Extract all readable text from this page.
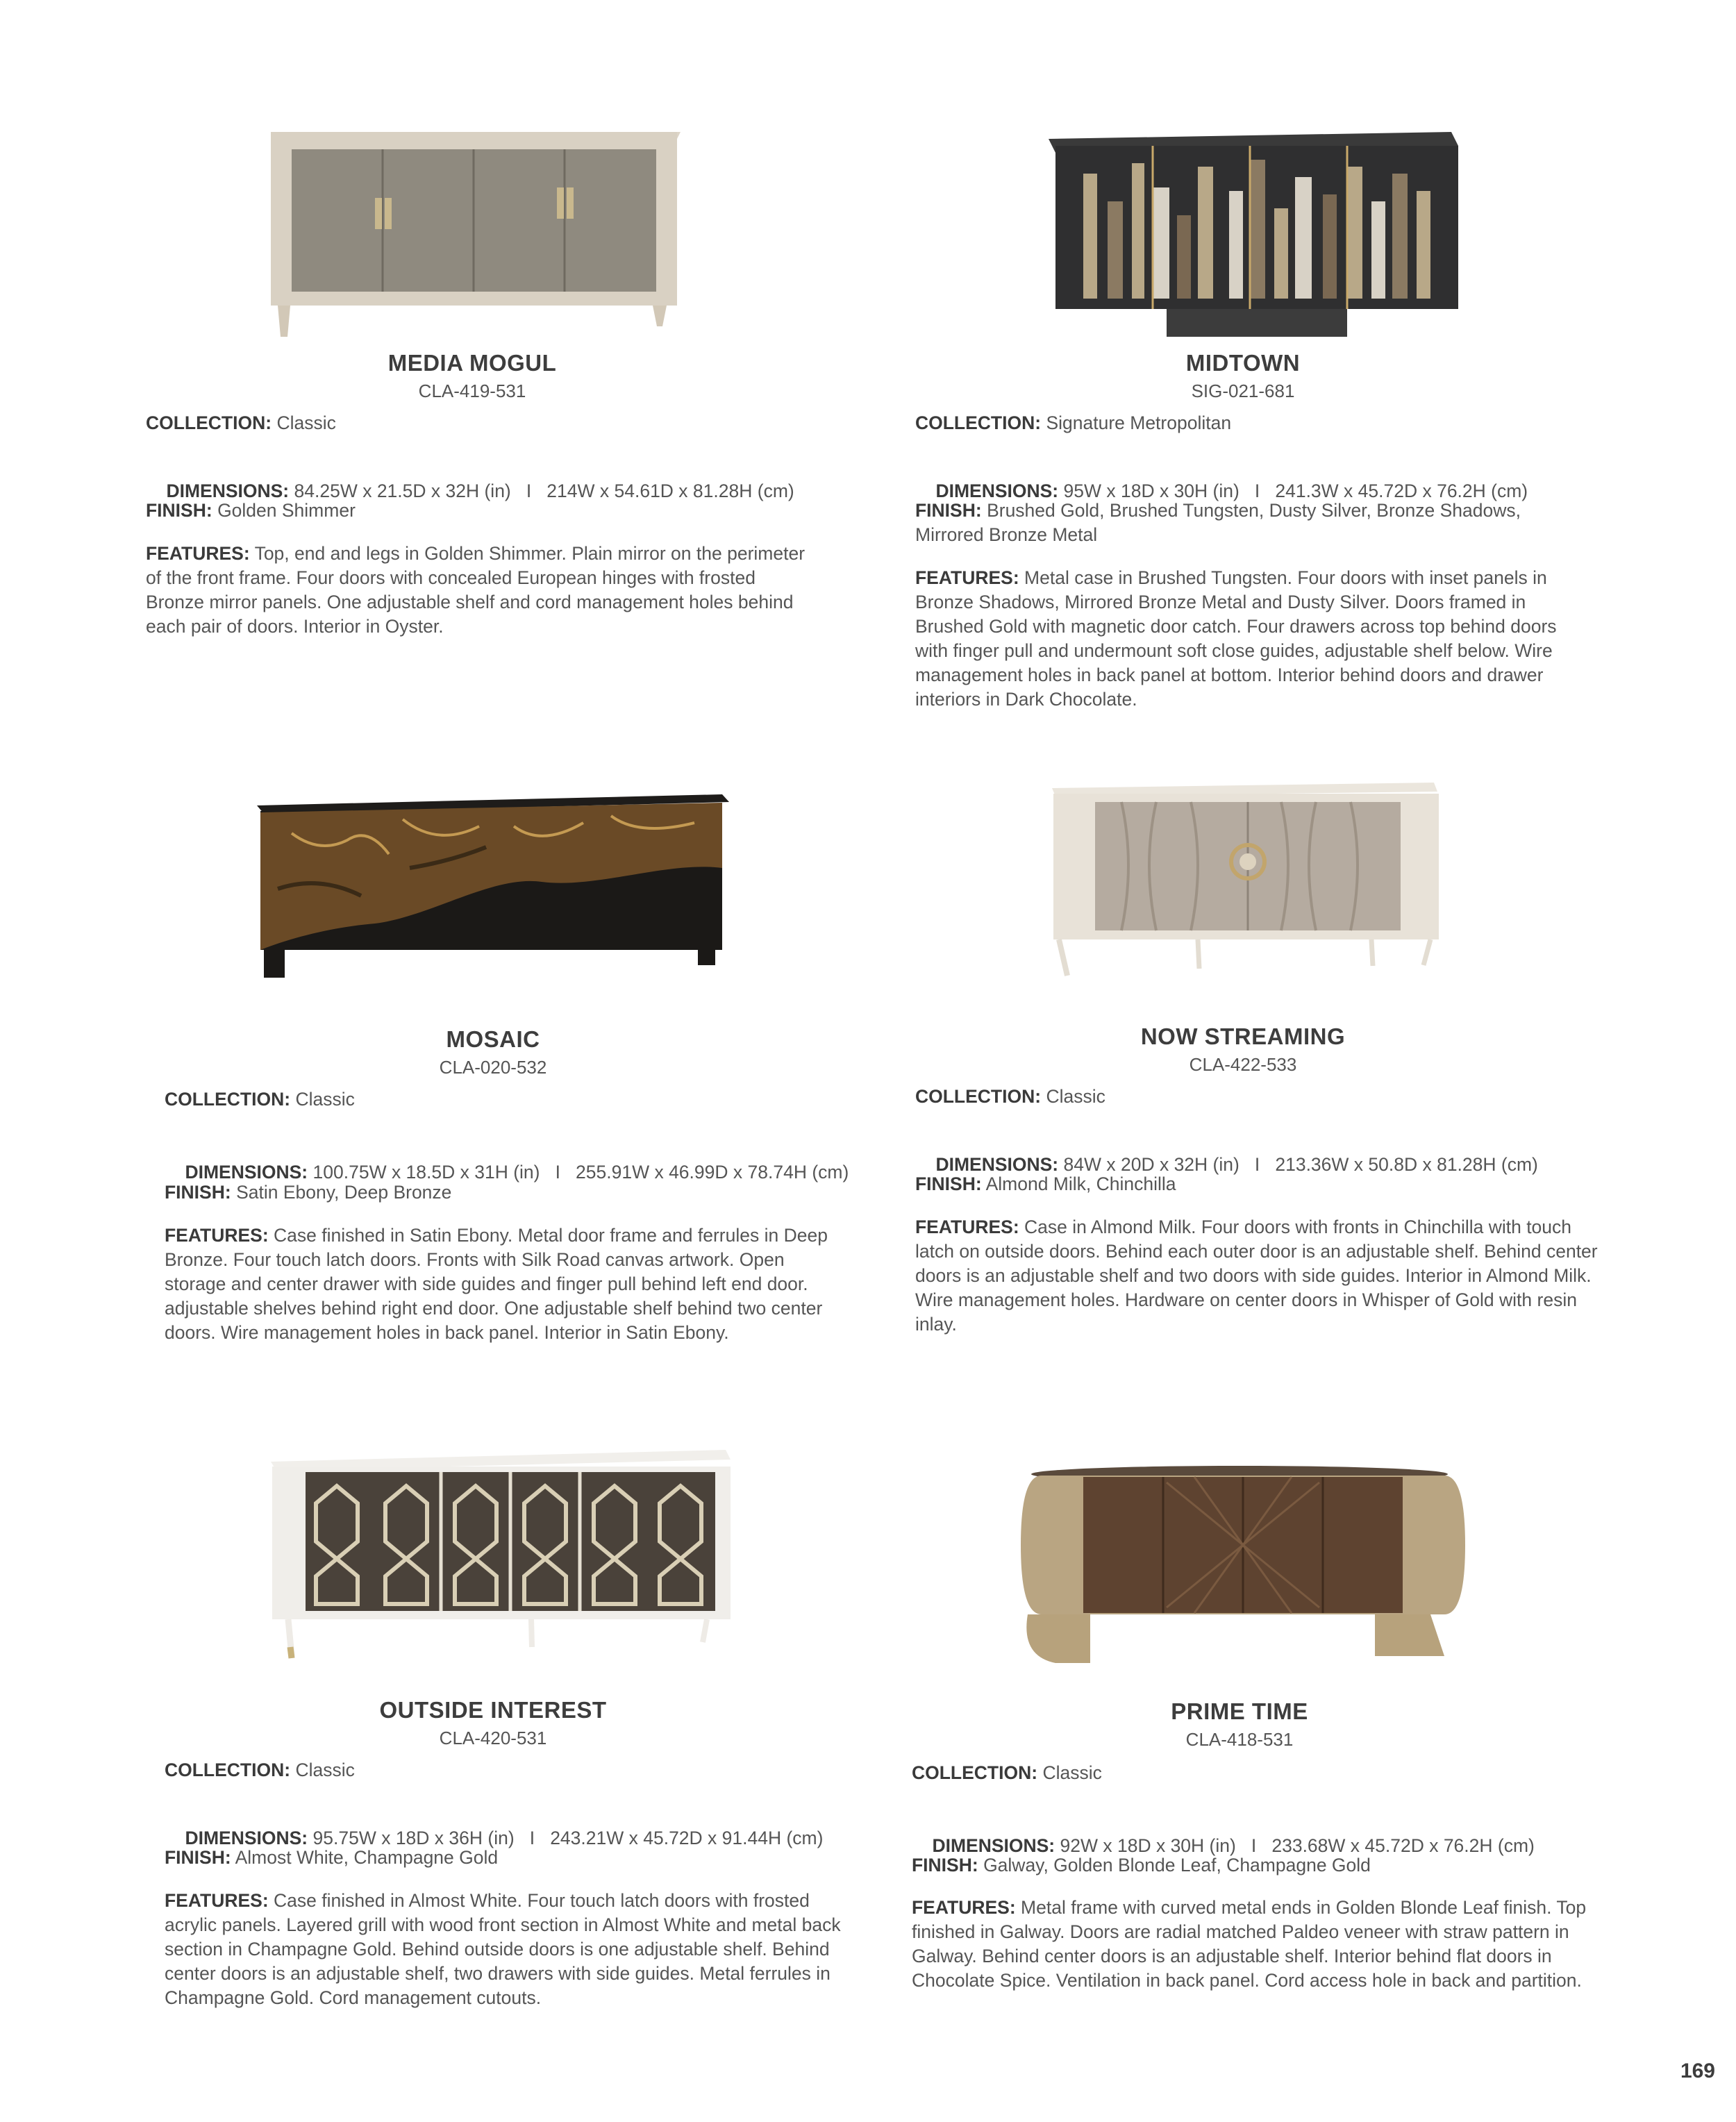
MEDIA MOGUL
CLA-419-531
COLLECTION: Classic

DIMENSIONS: 84.25W x 21.5D x 32H (in)   I   214W x 54.61D x 81.28H (cm)

FINISH: Golden Shimmer
FEATURES: Top, end and legs in Golden Shimmer. Plain mirror on the perimeter of the front frame. Four doors with concealed European hinges with frosted Bronze mirror panels. One adjustable shelf and cord management holes behind each pair of doors. Interior in Oyster.
MIDTOWN
SIG-021-681
COLLECTION: Signature Metropolitan

DIMENSIONS: 95W x 18D x 30H (in)   I   241.3W x 45.72D x 76.2H (cm)

FINISH: Brushed Gold, Brushed Tungsten, Dusty Silver, Bronze Shadows, Mirrored Bronze Metal
FEATURES: Metal case in Brushed Tungsten. Four doors with inset panels in Bronze Shadows, Mirrored Bronze Metal and Dusty Silver. Doors framed in Brushed Gold with magnetic door catch. Four drawers across top behind doors with finger pull and undermount soft close guides, adjustable shelf below. Wire management holes in back panel at bottom. Interior behind doors and drawer interiors in Dark Chocolate.
MOSAIC
CLA-020-532
COLLECTION: Classic

DIMENSIONS: 100.75W x 18.5D x 31H (in)   I   255.91W x 46.99D x 78.74H (cm)

FINISH: Satin Ebony, Deep Bronze
FEATURES: Case finished in Satin Ebony. Metal door frame and ferrules in Deep Bronze. Four touch latch doors. Fronts with Silk Road canvas artwork. Open storage and center drawer with side guides and finger pull behind left end door. adjustable shelves behind right end door. One adjustable shelf behind two center doors. Wire management holes in back panel. Interior in Satin Ebony.
NOW STREAMING
CLA-422-533
COLLECTION: Classic

DIMENSIONS: 84W x 20D x 32H (in)   I   213.36W x 50.8D x 81.28H (cm)

FINISH: Almond Milk, Chinchilla
FEATURES: Case in Almond Milk. Four doors with fronts in Chinchilla with touch latch on outside doors. Behind each outer door is an adjustable shelf. Behind center doors is an adjustable shelf and two doors with side guides. Interior in Almond Milk. Wire management holes. Hardware on center doors in Whisper of Gold with resin inlay.
OUTSIDE INTEREST
CLA-420-531
COLLECTION: Classic

DIMENSIONS: 95.75W x 18D x 36H (in)   I   243.21W x 45.72D x 91.44H (cm)

FINISH: Almost White, Champagne Gold
FEATURES: Case finished in Almost White. Four touch latch doors with frosted acrylic panels. Layered grill with wood front section in Almost White and metal back section in Champagne Gold. Behind outside doors is one adjustable shelf. Behind center doors is an adjustable shelf, two drawers with side guides. Metal ferrules in Champagne Gold. Cord management cutouts.
PRIME TIME
CLA-418-531
COLLECTION: Classic

DIMENSIONS: 92W x 18D x 30H (in)   I   233.68W x 45.72D x 76.2H (cm)

FINISH: Galway, Golden Blonde Leaf, Champagne Gold
FEATURES: Metal frame with curved metal ends in Golden Blonde Leaf finish. Top finished in Galway. Doors are radial matched Paldeo veneer with straw pattern in Galway. Behind center doors is an adjustable shelf. Interior behind flat doors in Chocolate Spice. Ventilation in back panel. Cord access hole in back and partition.
169
